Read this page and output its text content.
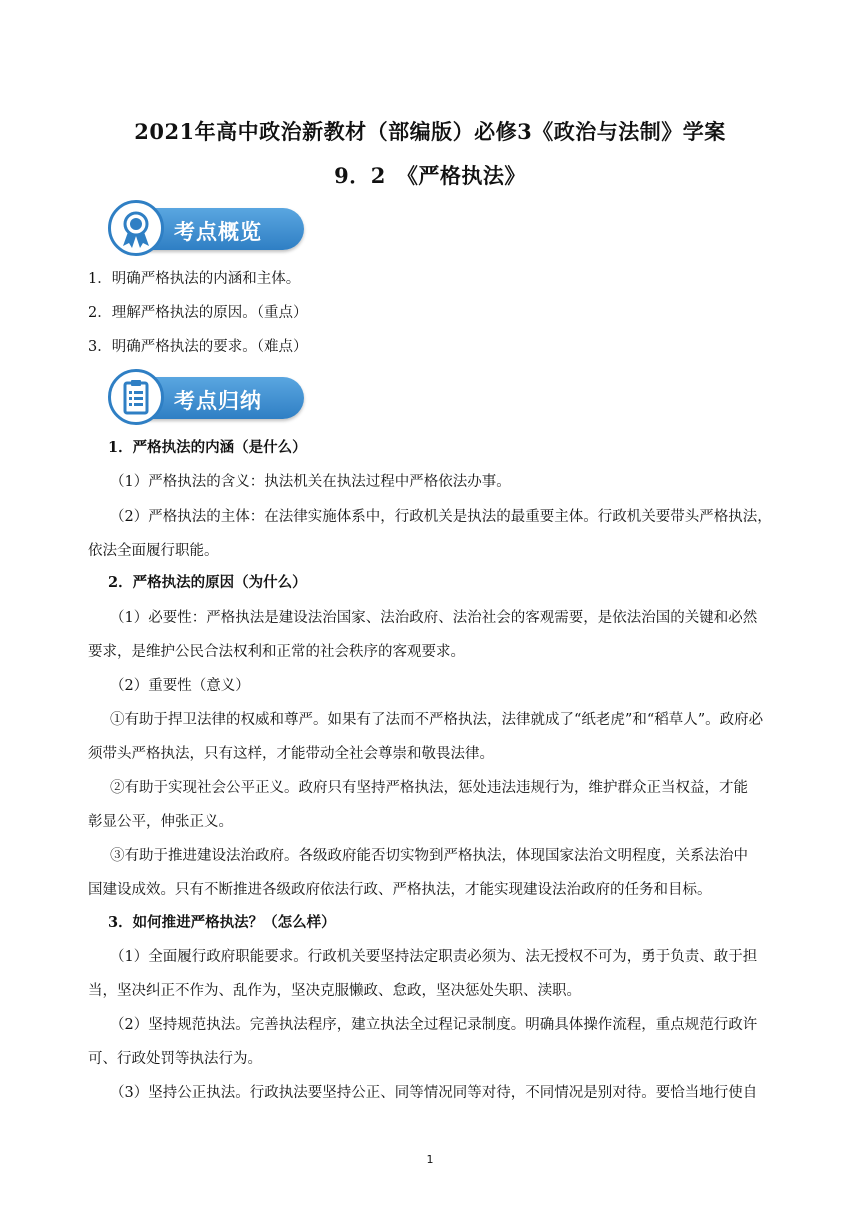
2021年高中政治新教材（部编版）必修3《政治与法制》学案
9．2　《严格执法》
考点概览
1．明确严格执法的内涵和主体。
2．理解严格执法的原因。（重点）
3．明确严格执法的要求。（难点）
考点归纳
1．严格执法的内涵（是什么）
（1）严格执法的含义：执法机关在执法过程中严格依法办事。
（2）严格执法的主体：在法律实施体系中，行政机关是执法的最重要主体。行政机关要带头严格执法，
依法全面履行职能。
2．严格执法的原因（为什么）
（1）必要性：严格执法是建设法治国家、法治政府、法治社会的客观需要，是依法治国的关键和必然
要求，是维护公民合法权利和正常的社会秩序的客观要求。
（2）重要性（意义）
①有助于捍卫法律的权威和尊严。如果有了法而不严格执法，法律就成了“纸老虎”和“稻草人”。政府必
须带头严格执法，只有这样，才能带动全社会尊崇和敬畏法律。
②有助于实现社会公平正义。政府只有坚持严格执法，惩处违法违规行为，维护群众正当权益，才能
彰显公平，伸张正义。
③有助于推进建设法治政府。各级政府能否切实物到严格执法，体现国家法治文明程度，关系法治中
国建设成效。只有不断推进各级政府依法行政、严格执法，才能实现建设法治政府的任务和目标。
3．如何推进严格执法？（怎么样）
（1）全面履行政府职能要求。行政机关要坚持法定职责必须为、法无授权不可为，勇于负责、敢于担
当，坚决纠正不作为、乱作为，坚决克服懒政、怠政，坚决惩处失职、渎职。
（2）坚持规范执法。完善执法程序，建立执法全过程记录制度。明确具体操作流程，重点规范行政许
可、行政处罚等执法行为。
（3）坚持公正执法。行政执法要坚持公正、同等情况同等对待，不同情况是别对待。要恰当地行使自
1
